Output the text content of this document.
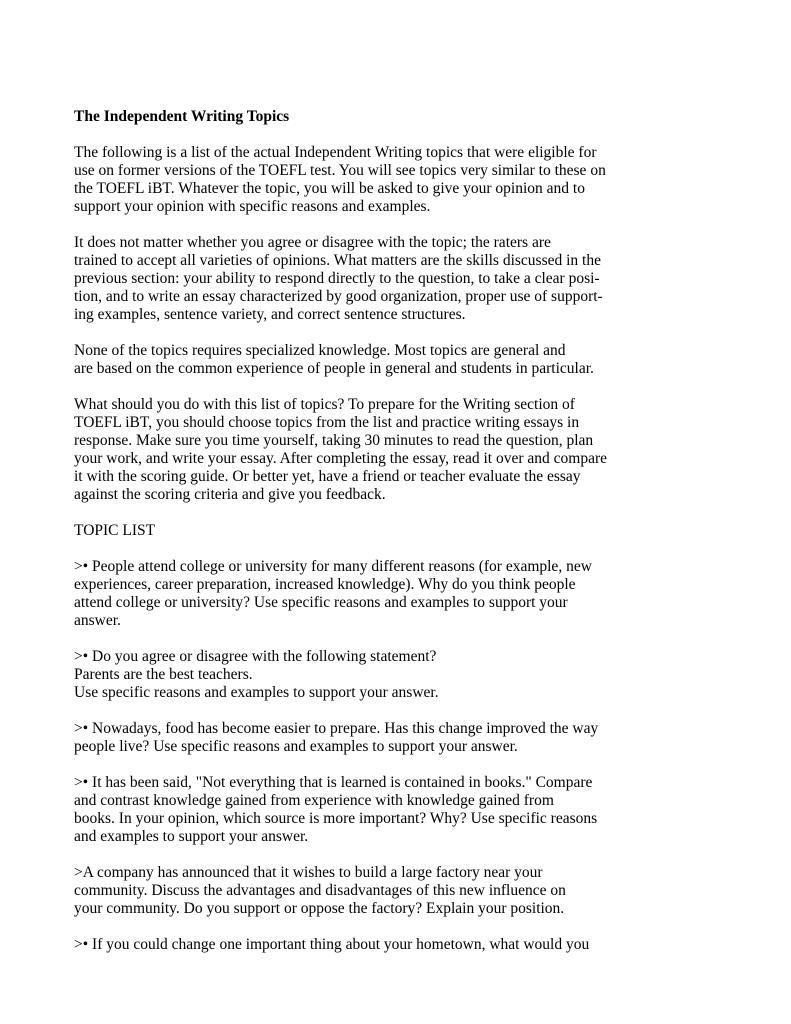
The Independent Writing Topics
The following is a list of the actual Independent Writing topics that were eligible for
use on former versions of the TOEFL test. You will see topics very similar to these on
the TOEFL iBT. Whatever the topic, you will be asked to give your opinion and to
support your opinion with specific reasons and examples.
It does not matter whether you agree or disagree with the topic; the raters are
trained to accept all varieties of opinions. What matters are the skills discussed in the
previous section: your ability to respond directly to the question, to take a clear posi-
tion, and to write an essay characterized by good organization, proper use of support-
ing examples, sentence variety, and correct sentence structures.
None of the topics requires specialized knowledge. Most topics are general and
are based on the common experience of people in general and students in particular.
What should you do with this list of topics? To prepare for the Writing section of
TOEFL iBT, you should choose topics from the list and practice writing essays in
response. Make sure you time yourself, taking 30 minutes to read the question, plan
your work, and write your essay. After completing the essay, read it over and compare
it with the scoring guide. Or better yet, have a friend or teacher evaluate the essay
against the scoring criteria and give you feedback.
TOPIC LIST
>• People attend college or university for many different reasons (for example, new
experiences, career preparation, increased knowledge). Why do you think people
attend college or university? Use specific reasons and examples to support your
answer.
>• Do you agree or disagree with the following statement?
Parents are the best teachers.
Use specific reasons and examples to support your answer.
>• Nowadays, food has become easier to prepare. Has this change improved the way
people live? Use specific reasons and examples to support your answer.
>• It has been said, "Not everything that is learned is contained in books." Compare
and contrast knowledge gained from experience with knowledge gained from
books. In your opinion, which source is more important? Why? Use specific reasons
and examples to support your answer.
>A company has announced that it wishes to build a large factory near your
community. Discuss the advantages and disadvantages of this new influence on
your community. Do you support or oppose the factory? Explain your position.
>• If you could change one important thing about your hometown, what would you
